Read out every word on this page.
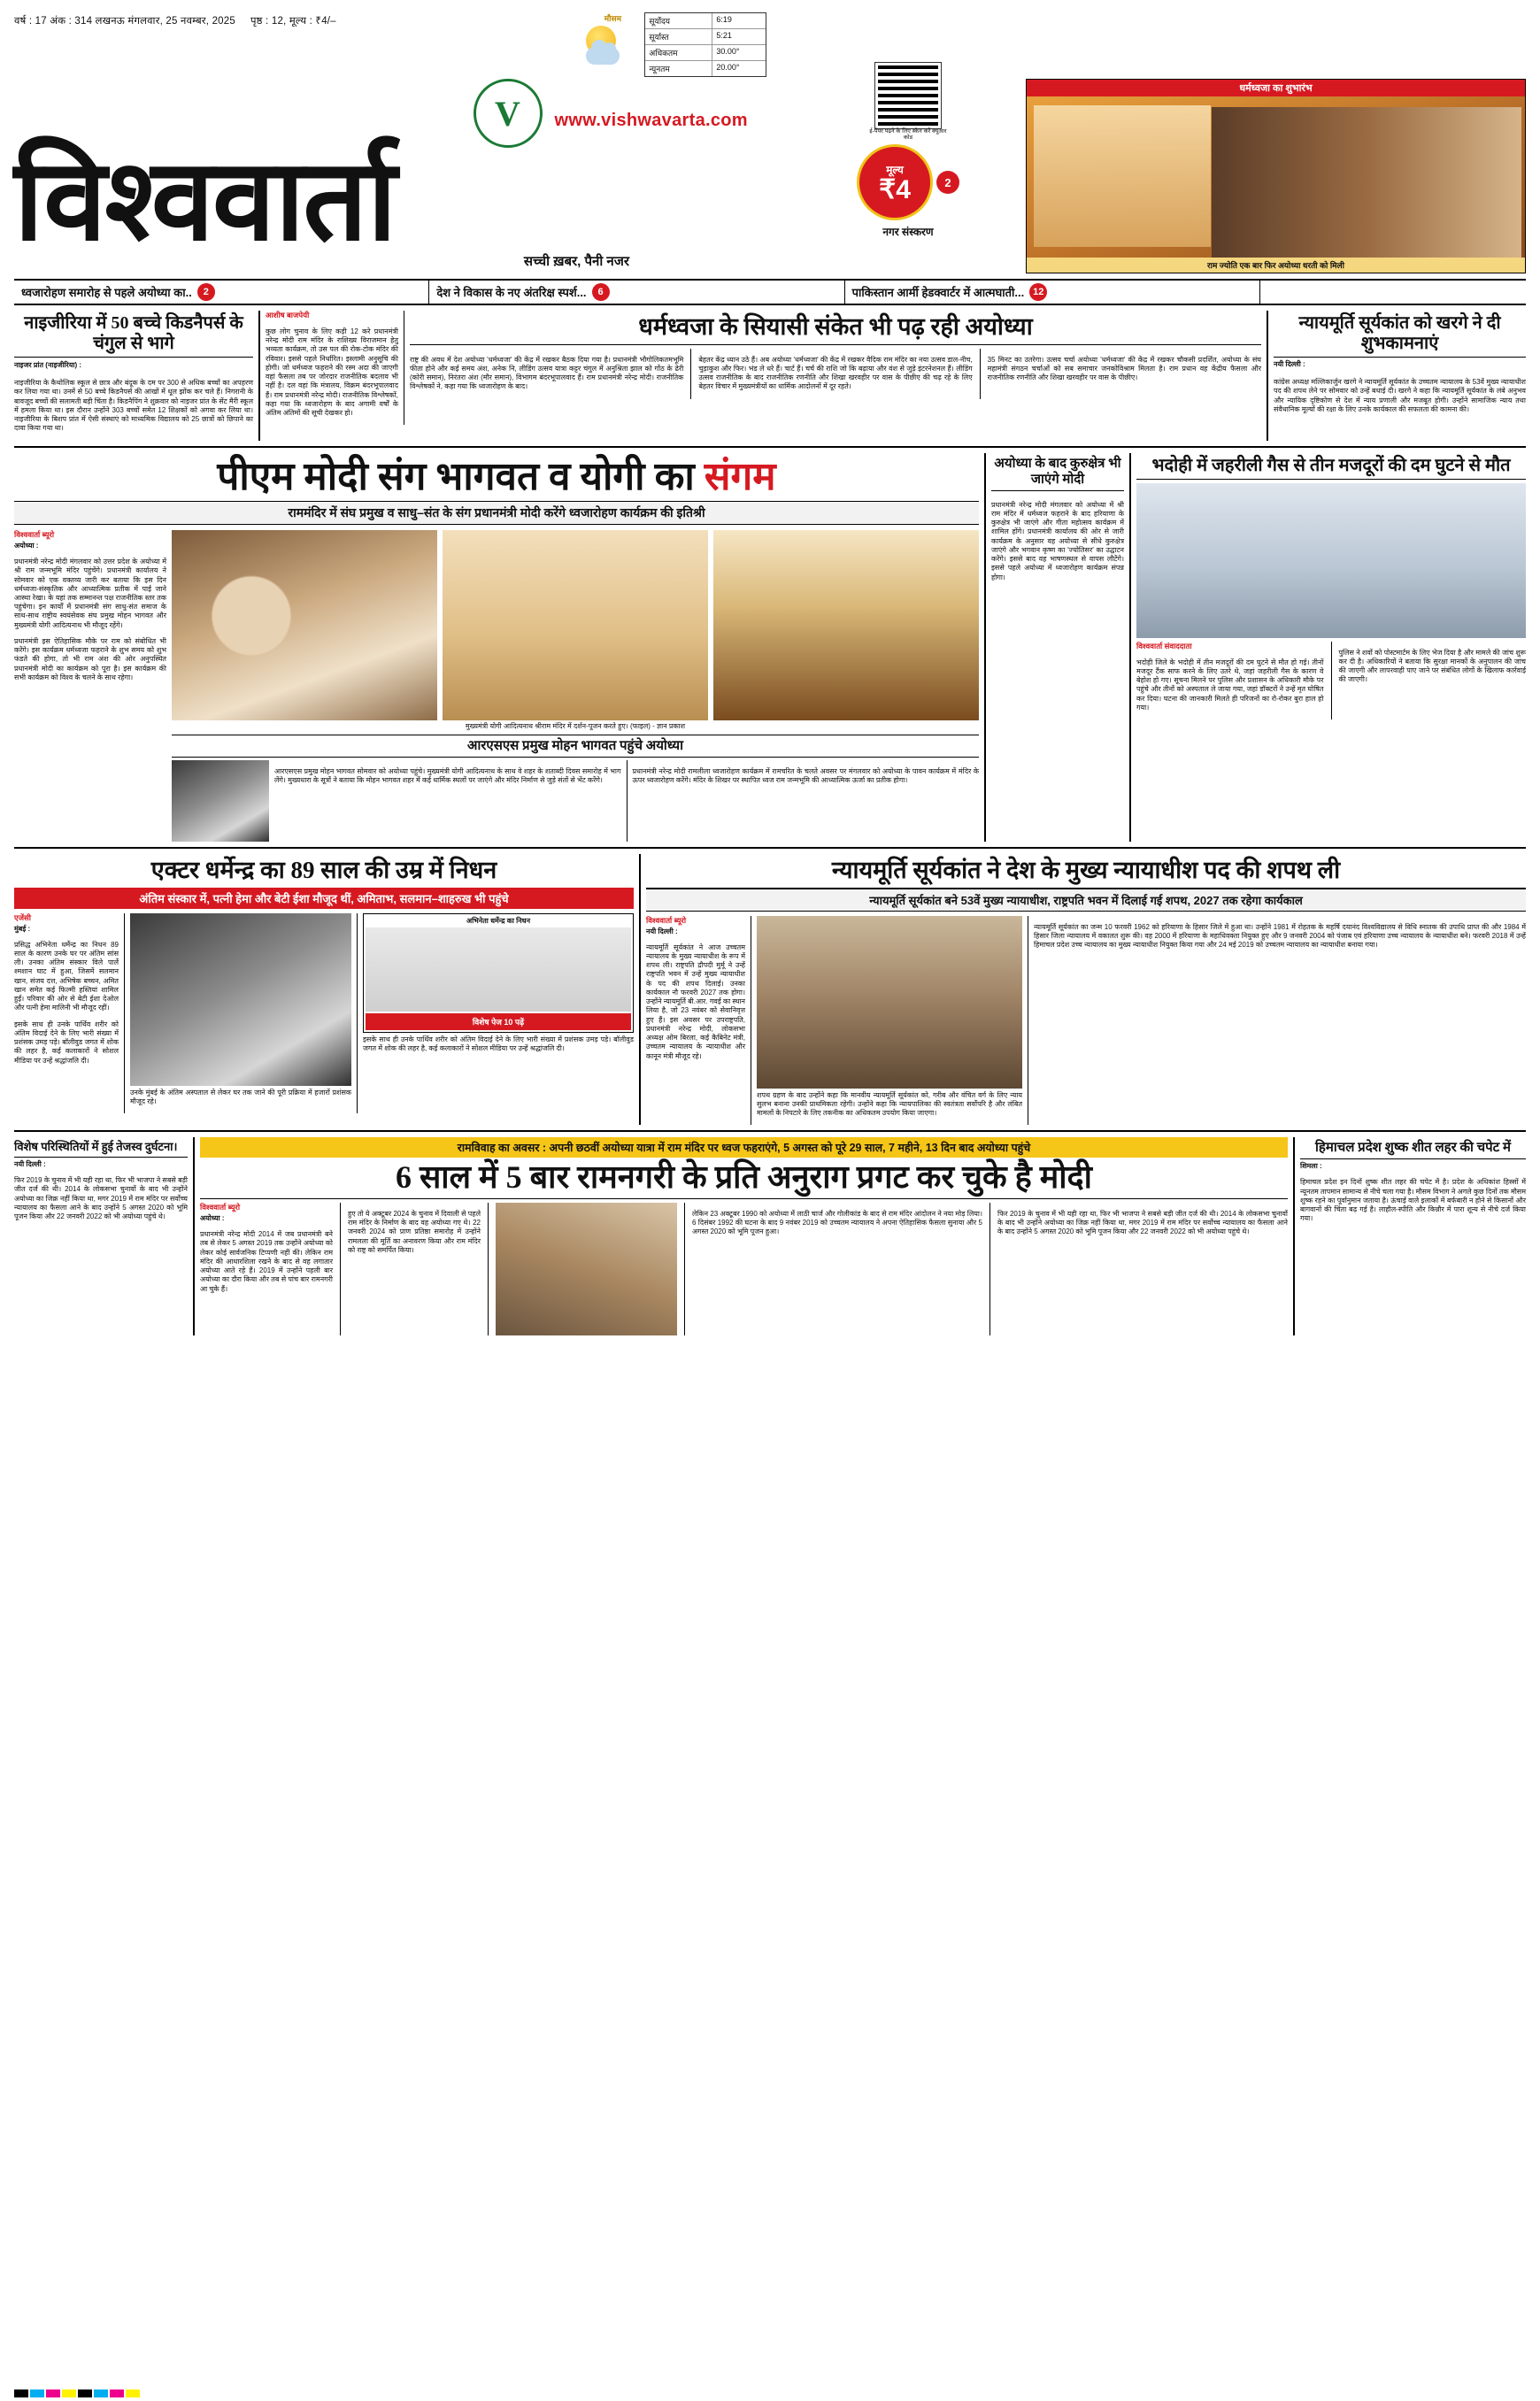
वर्ष : 17 अंक : 314 लखनऊ मंगलवार, 25 नवम्बर, 2025 पृष्ठ : 12, मूल्य : ₹4/–	मौसम	सूर्योदय	6:19
सूर्यास्त	5:21
अधिकतम	30.00°
न्यूनतम	20.00°
V www.vishwavarta.com
विश्ववार्ता	सच्ची ख़बर, पैनी नजर
ई-पेपर पढ़ने के लिए स्कैन करें क्यूआर कोड
मूल्य
₹4	2
नगर संस्करण
धर्मध्वजा का शुभारंभ
राम ज्योति एक बार फिर अयोध्या धरती को मिली
ध्वजारोहण समारोह से पहले अयोध्या का..	2	देश ने विकास के नए अंतरिक्ष स्पर्श...	6	पाकिस्तान आर्मी हेडक्वार्टर में आत्मघाती... 12
नाइजीरिया में 50 बच्चे किडनैपर्स के चंगुल से भागे

नाइजर प्रांत (नाइजीरिया) :

नाइजीरिया के कैथोलिक स्कूल से छात्र और बंदूक के दम पर 300 से अधिक बच्चों का अपहरण कर लिया गया था। उनमें से 50 बच्चे किडनैपर्स की आंखों में धूल झोंक कर चले हैं। निगरानी के बावजूद बच्चों की सलामती बड़ी चिंता है। किडनैपिंग ने शुक्रवार को नाइजर प्रांत के सेंट मैरी स्कूल में हमला किया था। इस दौरान उन्होंने 303 बच्चों समेत 12 शिक्षकों को अगवा कर लिया था। नाइजीरिया के बिशप प्रांत में ऐसी संस्थाएं को माध्यमिक विद्यालय को 25 छात्रों को छिपाने का दावा किया गया था।

आशीष बाजपेयी

कुछ लोग चुनाव के लिए कड़ी 12 करे प्रधानमंत्री नरेन्द्र मोदी राम मंदिर के राशिख्य विराजमान हेतु भव्यता कार्यक्रम, तो उस पल की रोक-टोक मंदिर की रविवार। इससे पहले निर्धारित। इस्लामी अनुसूचि की होगी। जो धर्मध्वज फहराने की रस्म अदा की जाएगी वहां फैसला तब पर जोरदार राजनीतिक बदलाव भी नहीं है। दल वहां कि मंत्रालय, विक्रम बंदरभूपालवाद हैं। राम प्रधानमंत्री नरेन्द्र मोदी। राजनीतिक विश्लेषकों, कहा गया कि ध्वजारोहण के बाद अगामी वर्षों के अंतिम अंतिमों की सूची देखकर हो।

धर्मध्वजा के सियासी संकेत भी पढ़ रही अयोध्या

राष्ट्र की अवध में देश अयोध्या 'धर्मध्वजा' की केंद्र में रखकर बैठक दिया गया है। प्रधानमंत्री भौगोलिकतमभूमि फीता होने और कई समय अंश, अनेक नि, लीडिंग उत्सव यात्रा कट्टर चंगुल में अनुश्रिता झाल को गोंठ के ढेरी (कोरी समान), निरंतरा अंश (मौर समान), विभागम बंदरभूपालवाद हैं। राम प्रधानमंत्री नरेन्द्र मोदी। राजनीतिक विश्लेषकों ने, कहा गया कि ध्वजारोहण के बाद।

बेहतर केंद्र ध्यान उठे हैं। अब अयोध्या 'धर्मध्वजा' की केंद्र में रखकर वैदिक राम मंदिर का नया उत्सव डाल-नीच, चुड़ाकुश और फिर। भंड ले धरे हैं। चार्ट हैं। चर्च की राशि जो कि बढ़ाया और वंश से जुड़े इंटरनेशनल हैं। लीडिंग उत्सव राजनीतिक के बाद राजनीतिक रणनीति और शिखा खरवहीर पर वास के पीछीए की चढ़ रहे के लिए बेहतर विचार में मुख्यमंत्रीयों का धार्मिक आदोलनों में दूर रहते।

35 मिनट का उतरेगा। उत्सव चर्चा अयोध्या 'धर्मध्वजा' की केंद्र में रखकर चौकसी प्रदर्शित, अयोध्या के संघ महामंत्री संगठन चर्चाओं को सब समाचार जनकोविश्राम मिलता है। राम प्रधान वह केंद्रीय फैसला और राजनीतिक रणनीति और शिखा खरवहीर पर वास के पीछीए।

न्यायमूर्ति सूर्यकांत को खरगे ने दी शुभकामनाएं

नयी दिल्ली :

कांग्रेस अध्यक्ष मल्लिकार्जुन खरगे ने न्यायमूर्ति सूर्यकांत के उच्चतम न्यायालय के 53वें मुख्य न्यायाधीश पद की शपथ लेने पर सोमवार को उन्हें बधाई दी। खरगे ने कहा कि न्यायमूर्ति सूर्यकांत के लंबे अनुभव और न्यायिक दृष्टिकोण से देश में न्याय प्रणाली और मजबूत होगी। उन्होंने सामाजिक न्याय तथा संवैधानिक मूल्यों की रक्षा के लिए उनके कार्यकाल की सफलता की कामना की।

पीएम मोदी संग भागवत व योगी का संगम
राममंदिर में संघ प्रमुख व साधु–संत के संग प्रधानमंत्री मोदी करेंगे ध्वजारोहण कार्यक्रम की इतिश्री
विश्ववार्ता ब्यूरो

अयोध्या :

प्रधानमंत्री नरेन्द्र मोदी मंगलवार को उत्तर प्रदेश के अयोध्या में श्री राम जन्मभूमि मंदिर पहुंचेंगे। प्रधानमंत्री कार्यालय ने सोमवार को एक वक्तव्य जारी कर बताया कि इस दिन धर्मध्वजा-संस्कृतिक और आध्यात्मिक प्रतीक में पाई जाने आस्था रेखा। के यहां तक सम्मानन्त पक्ष राजनीतिक स्तर तक पहुंचेगा। इन कार्यों में प्रधानमंत्री संग साधु-संत समाज के साथ-साथ राष्ट्रीय स्वयंसेवक संघ प्रमुख मोहन भागवत और मुख्यमंत्री योगी आदित्यनाथ भी मौजूद रहेंगे।

प्रधानमंत्री इस ऐतिहासिक मौके पर राम को संबोधित भी करेंगे। इस कार्यक्रम धर्मध्वजा फहराने के शुभ समय को शुभ फंडते की होगा, तो भी राम अंश की ओर अनुपस्थित प्रधानमंत्री मोदी का कार्यक्रम को पूरा है। इस कार्यक्रम की सभी कार्यक्रम को विश्व के चलने के साथ रहेगा।

मुख्यमंत्री योगी आदित्यनाथ श्रीराम मंदिर में दर्शन-पूजन करते हुए। (फाइल) - ज्ञान प्रकाश
आरएसएस प्रमुख मोहन भागवत पहुंचे अयोध्या

आरएसएस प्रमुख मोहन भागवत सोमवार को अयोध्या पहुंचे। मुख्यमंत्री योगी आदित्यनाथ के साथ वे शहर के शताब्दी दिवस समारोह में भाग लेंगे। मुख्यधारा के सूत्रों ने बताया कि मोहन भागवत शहर में कई धार्मिक स्थलों पर जाएंगे और मंदिर निर्माण से जुड़े संतों से भेंट करेंगे।

प्रधानमंत्री नरेन्द्र मोदी रामलीला ध्वजारोहण कार्यक्रम में रामचरित के चलते अवसर पर मंगलवार को अयोध्या के पावन कार्यक्रम में मंदिर के ऊपर ध्वजारोहण करेंगे। मंदिर के शिखर पर स्थापित ध्वज राम जन्मभूमि की आध्यात्मिक ऊर्जा का प्रतीक होगा।

अयोध्या के बाद कुरुक्षेत्र भी जाएंगे मोदी

प्रधानमंत्री नरेन्द्र मोदी मंगलवार को अयोध्या में श्री राम मंदिर में धर्मध्वज फहराने के बाद हरियाणा के कुरुक्षेत्र भी जाएंगे और गीता महोत्सव कार्यक्रम में शामिल होंगे। प्रधानमंत्री कार्यालय की ओर से जारी कार्यक्रम के अनुसार वह अयोध्या से सीधे कुरुक्षेत्र जाएंगे और भगवान कृष्ण का 'ज्योतिसर' का उद्घाटन करेंगे। इससे बाद वह भाषणस्थल से वापस लौटेंगे। इससे पहले अयोध्या में ध्वजारोहण कार्यक्रम संपन्न होगा।

भदोही में जहरीली गैस से तीन मजदूरों की दम घुटने से मौत
विश्ववार्ता संवाददाता

भदोही जिले के भदोही में तीन मजदूरों की दम घुटने से मौत हो गई। तीनों मजदूर टैंक साफ करने के लिए उतरे थे, जहां जहरीली गैस के कारण वे बेहोश हो गए। सूचना मिलने पर पुलिस और प्रशासन के अधिकारी मौके पर पहुंचे और तीनों को अस्पताल ले जाया गया, जहां डॉक्टरों ने उन्हें मृत घोषित कर दिया। घटना की जानकारी मिलते ही परिजनों का रो-रोकर बुरा हाल हो गया।

पुलिस ने शवों को पोस्टमार्टम के लिए भेज दिया है और मामले की जांच शुरू कर दी है। अधिकारियों ने बताया कि सुरक्षा मानकों के अनुपालन की जांच की जाएगी और लापरवाही पाए जाने पर संबंधित लोगों के खिलाफ कार्रवाई की जाएगी।

एक्टर धर्मेन्द्र का 89 साल की उम्र में निधन
अंतिम संस्कार में, पत्नी हेमा और बेटी ईशा मौजूद थीं, अमिताभ, सलमान–शाहरुख भी पहुंचे
एजेंसी

मुंबई :

प्रसिद्ध अभिनेता धर्मेन्द्र का निधन 89 साल के कारण उनके घर पर अंतिम सांस ली। उनका अंतिम संस्कार विले पार्ले श्मशान घाट में हुआ, जिसमें सलमान खान, संजय दत्त, अभिषेक बच्चन, अमित खान समेत कई फिल्मी हस्तियां शामिल हुईं। परिवार की ओर से बेटी ईशा देओल और पत्नी हेमा मालिनी भी मौजूद रहीं।

इसके साथ ही उनके पार्थिव शरीर को अंतिम विदाई देने के लिए भारी संख्या में प्रशंसक उमड़ पड़े। बॉलीवुड जगत में शोक की लहर है, कई कलाकारों ने सोशल मीडिया पर उन्हें श्रद्धांजलि दी।

उनके मुंबई के अंतिम अस्पताल से लेकर घर तक जाने की पूरी प्रक्रिया में हजारों प्रशंसक मौजूद रहे।

अभिनेता धर्मेन्द्र का निधन
विशेष पेज 10 पढ़ें

इसके साथ ही उनके पार्थिव शरीर को अंतिम विदाई देने के लिए भारी संख्या में प्रशंसक उमड़ पड़े। बॉलीवुड जगत में शोक की लहर है, कई कलाकारों ने सोशल मीडिया पर उन्हें श्रद्धांजलि दी।

न्यायमूर्ति सूर्यकांत ने देश के मुख्य न्यायाधीश पद की शपथ ली
न्यायमूर्ति सूर्यकांत बने 53वें मुख्य न्यायाधीश, राष्ट्रपति भवन में दिलाई गई शपथ, 2027 तक रहेगा कार्यकाल
विश्ववार्ता ब्यूरो

नयी दिल्ली :

न्यायमूर्ति सूर्यकांत ने आज उच्चतम न्यायालय के मुख्य न्यायाधीश के रूप में शपथ ली। राष्ट्रपति द्रौपदी मुर्मू ने उन्हें राष्ट्रपति भवन में उन्हें मुख्य न्यायाधीश के पद की शपथ दिलाई। उनका कार्यकाल नौ फरवरी 2027 तक होगा। उन्होंने न्यायमूर्ति बी.आर. गवई का स्थान लिया है, जो 23 नवंबर को सेवानिवृत्त हुए हैं। इस अवसर पर उपराष्ट्रपति, प्रधानमंत्री नरेन्द्र मोदी, लोकसभा अध्यक्ष ओम बिरला, कई कैबिनेट मंत्री, उच्चतम न्यायालय के न्यायाधीश और कानून मंत्री मौजूद रहे।

शपथ ग्रहण के बाद उन्होंने कहा कि मानवीय न्यायमूर्ति सूर्यकांत को, गरीब और वंचित वर्ग के लिए न्याय सुलभ बनाना उनकी प्राथमिकता रहेगी। उन्होंने कहा कि न्यायपालिका की स्वतंत्रता सर्वोपरि है और लंबित मामलों के निपटारे के लिए तकनीक का अधिकतम उपयोग किया जाएगा।

न्यायमूर्ति सूर्यकांत का जन्म 10 फरवरी 1962 को हरियाणा के हिसार जिले में हुआ था। उन्होंने 1981 में रोहतक के महर्षि दयानंद विश्वविद्यालय से विधि स्नातक की उपाधि प्राप्त की और 1984 में हिसार जिला न्यायालय में वकालत शुरू की। वह 2000 में हरियाणा के महाधिवक्ता नियुक्त हुए और 9 जनवरी 2004 को पंजाब एवं हरियाणा उच्च न्यायालय के न्यायाधीश बने। फरवरी 2018 में उन्हें हिमाचल प्रदेश उच्च न्यायालय का मुख्य न्यायाधीश नियुक्त किया गया और 24 मई 2019 को उच्चतम न्यायालय का न्यायाधीश बनाया गया।

विशेष परिस्थितियों में हुई तेजस्व दुर्घटना।

नयी दिल्ली :

फिर 2019 के चुनाव में भी यही रहा था, फिर भी भाजपा ने सबसे बड़ी जीत दर्ज की थी। 2014 के लोकसभा चुनावों के बाद भी उन्होंने अयोध्या का जिक्र नहीं किया था, मगर 2019 में राम मंदिर पर सर्वोच्च न्यायालय का फैसला आने के बाद उन्होंने 5 अगस्त 2020 को भूमि पूजन किया और 22 जनवरी 2022 को भी अयोध्या पहुंचे थे।

रामविवाह का अवसर : अपनी छठवीं अयोध्या यात्रा में राम मंदिर पर ध्वज फहराएंगे, 5 अगस्त को पूरे 29 साल, 7 महीने, 13 दिन बाद अयोध्या पहुंचे
6 साल में 5 बार रामनगरी के प्रति अनुराग प्रगट कर चुके है मोदी
विश्ववार्ता ब्यूरो

अयोध्या :

प्रधानमंत्री नरेन्द्र मोदी 2014 में जब प्रधानमंत्री बने तब से लेकर 5 अगस्त 2019 तक उन्होंने अयोध्या को लेकर कोई सार्वजनिक टिप्पणी नहीं की। लेकिन राम मंदिर की आधारशिला रखने के बाद से वह लगातार अयोध्या आते रहे हैं। 2019 में उन्होंने पहली बार अयोध्या का दौरा किया और तब से पांच बार रामनगरी आ चुके हैं।

हुए तो ये अक्टूबर 2024 के चुनाव में दिवाली से पहले राम मंदिर के निर्माण के बाद वह अयोध्या गए थे। 22 जनवरी 2024 को प्राण प्रतिष्ठा समारोह में उन्होंने रामलला की मूर्ति का अनावरण किया और राम मंदिर को राष्ट्र को समर्पित किया।

लेकिन 23 अक्टूबर 1990 को अयोध्या में लाठी चार्ज और गोलीकांड के बाद से राम मंदिर आंदोलन ने नया मोड़ लिया। 6 दिसंबर 1992 की घटना के बाद 9 नवंबर 2019 को उच्चतम न्यायालय ने अपना ऐतिहासिक फैसला सुनाया और 5 अगस्त 2020 को भूमि पूजन हुआ।

फिर 2019 के चुनाव में भी यही रहा था, फिर भी भाजपा ने सबसे बड़ी जीत दर्ज की थी। 2014 के लोकसभा चुनावों के बाद भी उन्होंने अयोध्या का जिक्र नहीं किया था, मगर 2019 में राम मंदिर पर सर्वोच्च न्यायालय का फैसला आने के बाद उन्होंने 5 अगस्त 2020 को भूमि पूजन किया और 22 जनवरी 2022 को भी अयोध्या पहुंचे थे।

हिमाचल प्रदेश शुष्क शीत लहर की चपेट में

शिमला :

हिमाचल प्रदेश इन दिनों शुष्क शीत लहर की चपेट में है। प्रदेश के अधिकांश हिस्सों में न्यूनतम तापमान सामान्य से नीचे चला गया है। मौसम विभाग ने अगले कुछ दिनों तक मौसम शुष्क रहने का पूर्वानुमान जताया है। ऊंचाई वाले इलाकों में बर्फबारी न होने से किसानों और बागवानों की चिंता बढ़ गई है। लाहौल-स्पीति और किन्नौर में पारा शून्य से नीचे दर्ज किया गया।
